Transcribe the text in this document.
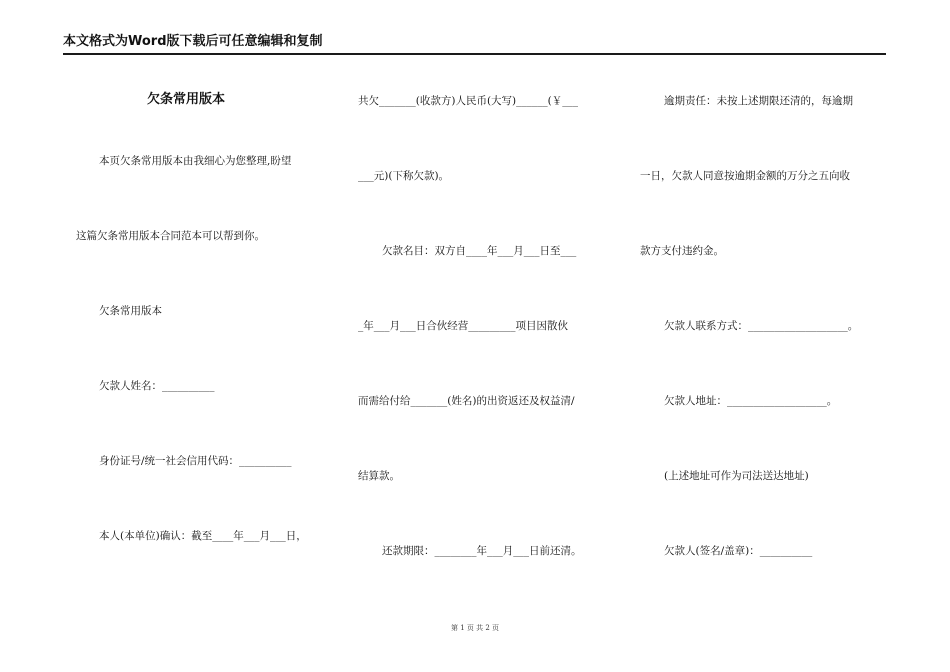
本文格式为Word版下载后可任意编辑和复制
欠条常用版本
本页欠条常用版本由我细心为您整理,盼望
这篇欠条常用版本合同范本可以帮到你。
欠条常用版本
欠款人姓名：__________
身份证号/统一社会信用代码：__________
本人(本单位)确认：截至____年___月___日，
共欠_______(收款方)人民币(大写)______(￥___
___元)(下称欠款)。
欠款名目：双方自____年___月___日至___
_年___月___日合伙经营_________项目因散伙
而需给付给_______(姓名)的出资返还及权益清/
结算款。
还款期限：________年___月___日前还清。
逾期责任：未按上述期限还清的，每逾期
一日，欠款人同意按逾期金额的万分之五向收
款方支付违约金。
欠款人联系方式：___________________。
欠款人地址：___________________。
(上述地址可作为司法送达地址)
欠款人(签名/盖章)：__________
第 1 页 共 2 页
